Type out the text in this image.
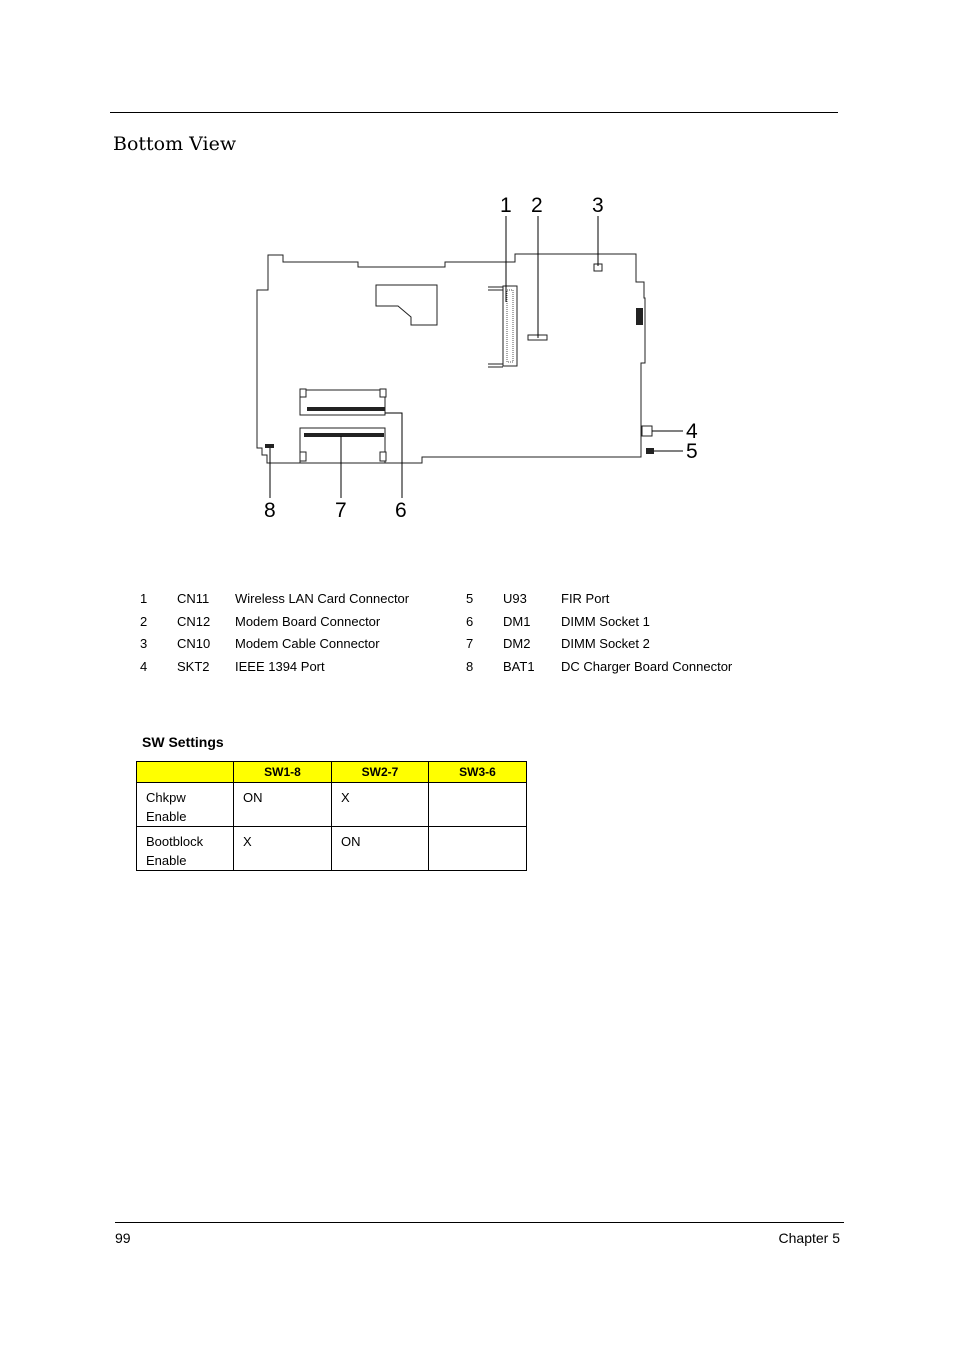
Bottom View
1 2 3
4
5
6
7
8
1 CN11 Wireless LAN Card Connector
2 CN12 Modem Board Connector
3 CN10 Modem Cable Connector
4 SKT2 IEEE 1394 Port
5 U93	FIR Port
6 DM1 DIMM Socket 1
7 DM2 DIMM Socket 2
8 BAT1 DC Charger Board Connector
SW Settings
	SW1-8	SW2-7	SW3-6
Chkpw
Enable	ON	X	
Bootblock
Enable	X	ON	
99	Chapter 5
